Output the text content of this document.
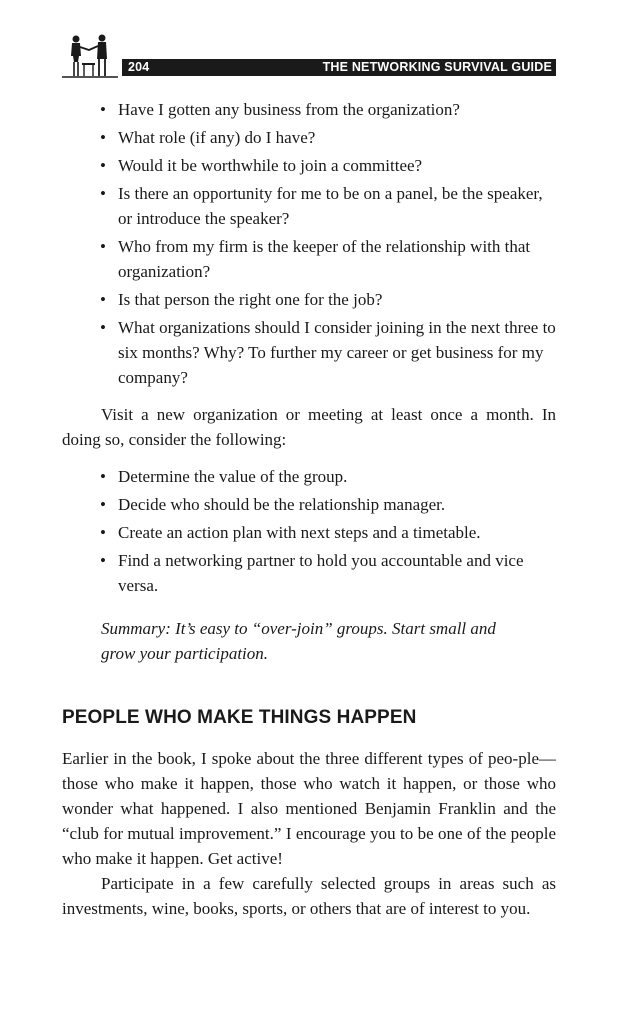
204	THE NETWORKING SURVIVAL GUIDE
• Have I gotten any business from the organization?
• What role (if any) do I have?
• Would it be worthwhile to join a committee?
• Is there an opportunity for me to be on a panel, be the speaker, or introduce the speaker?
• Who from my firm is the keeper of the relationship with that organization?
• Is that person the right one for the job?
• What organizations should I consider joining in the next three to six months? Why? To further my career or get business for my company?

Visit a new organization or meeting at least once a month. In doing so, consider the following:

• Determine the value of the group.
• Decide who should be the relationship manager.
• Create an action plan with next steps and a timetable.
• Find a networking partner to hold you accountable and vice versa.

Summary: It’s easy to “over-join” groups. Start small and grow your participation.

PEOPLE WHO MAKE THINGS HAPPEN

Earlier in the book, I spoke about the three different types of peo-ple—those who make it happen, those who watch it happen, or those who wonder what happened. I also mentioned Benjamin Franklin and the “club for mutual improvement.” I encourage you to be one of the people who make it happen. Get active!

Participate in a few carefully selected groups in areas such as investments, wine, books, sports, or others that are of interest to you.
